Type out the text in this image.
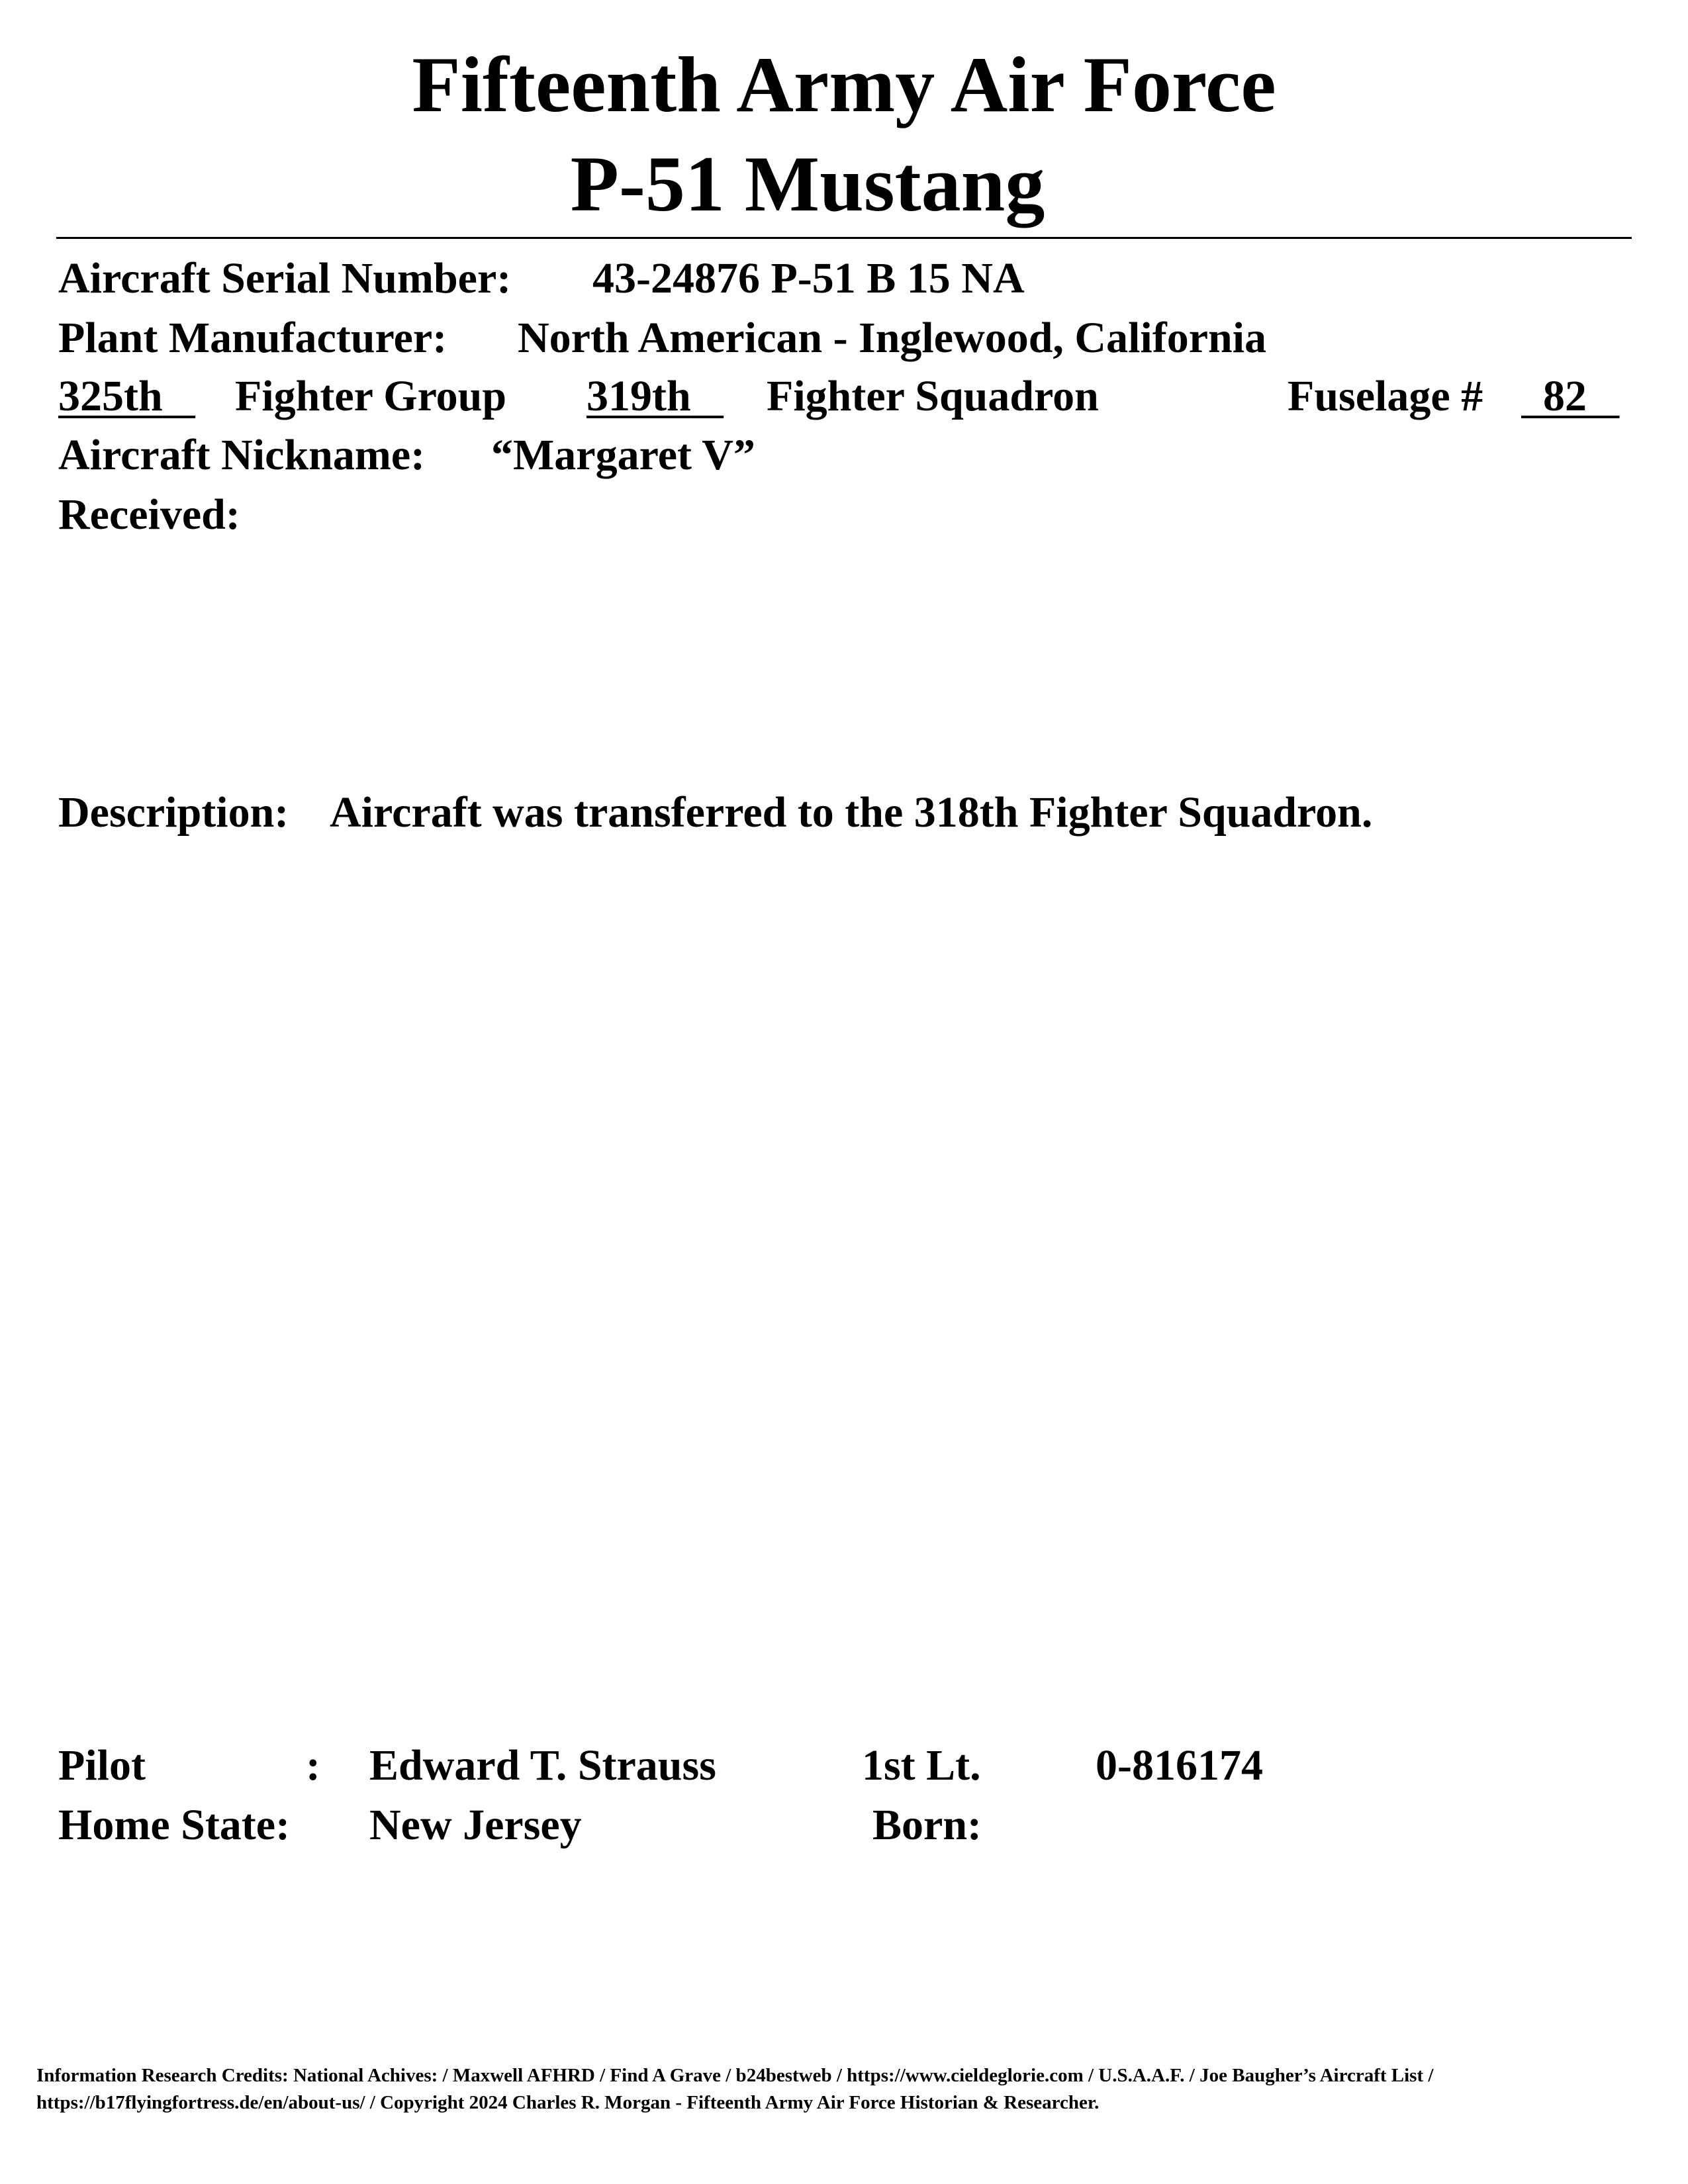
Fifteenth Army Air Force
P-51 Mustang
Aircraft Serial Number: 43-24876 P-51 B 15 NA
Plant Manufacturer: North American - Inglewood, California
325th	Fighter Group 319th	Fighter Squadron	Fuselage #	82
Aircraft Nickname: “Margaret V”
Received:
Description: Aircraft was transferred to the 318th Fighter Squadron.
Pilot	: Edward T. Strauss	1st Lt.	0-816174
Home State: New Jersey	Born:
Information Research Credits: National Achives: / Maxwell AFHRD / Find A Grave / b24bestweb / https://www.cieldeglorie.com / U.S.A.A.F. / Joe Baugher’s Aircraft List /
https://b17flyingfortress.de/en/about-us/ / Copyright 2024 Charles R. Morgan - Fifteenth Army Air Force Historian & Researcher.
